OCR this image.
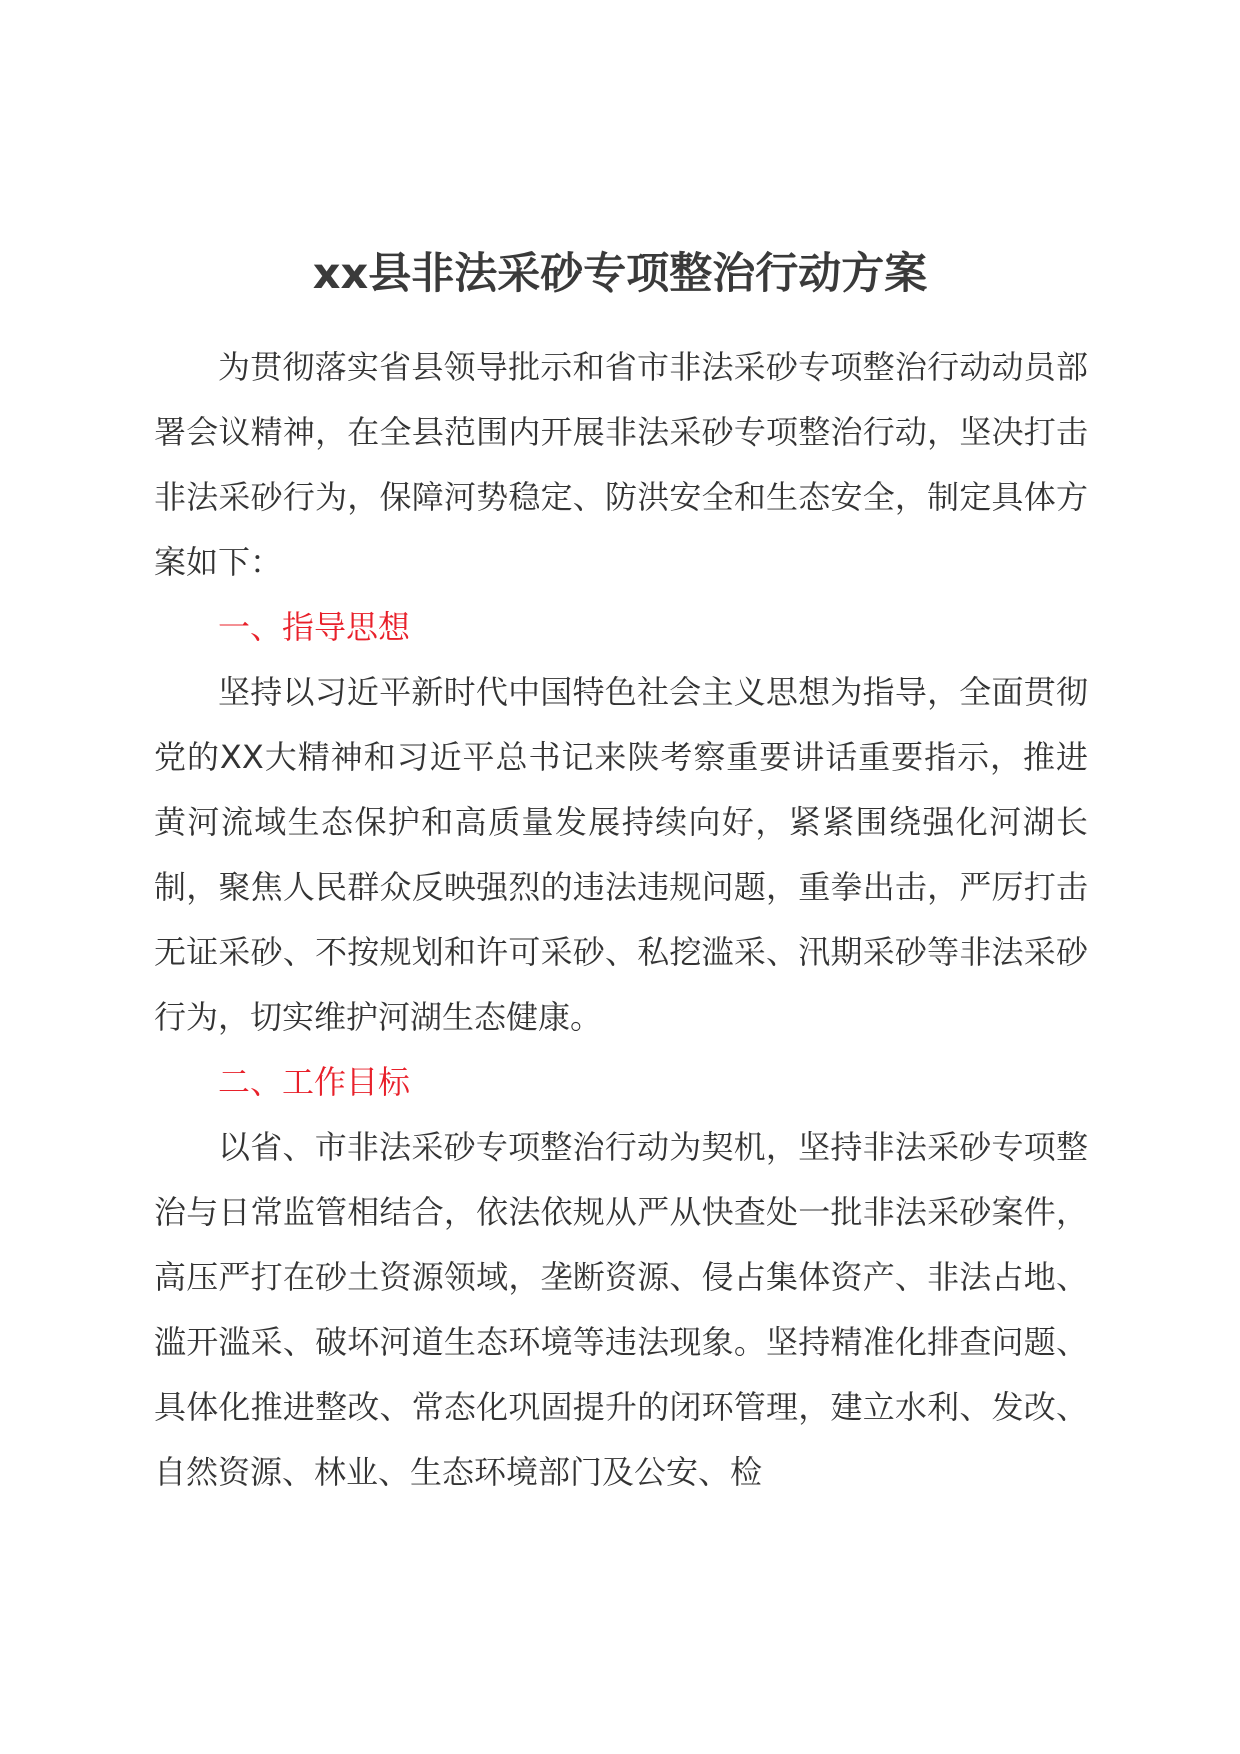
xx县非法采砂专项整治行动方案

为贯彻落实省县领导批示和省市非法采砂专项整治行动动员部署会议精神，在全县范围内开展非法采砂专项整治行动，坚决打击非法采砂行为，保障河势稳定、防洪安全和生态安全，制定具体方案如下：

一、指导思想

坚持以习近平新时代中国特色社会主义思想为指导，全面贯彻党的XX大精神和习近平总书记来陕考察重要讲话重要指示，推进黄河流域生态保护和高质量发展持续向好，紧紧围绕强化河湖长制，聚焦人民群众反映强烈的违法违规问题，重拳出击，严厉打击无证采砂、不按规划和许可采砂、私挖滥采、汛期采砂等非法采砂行为，切实维护河湖生态健康。

二、工作目标

以省、市非法采砂专项整治行动为契机，坚持非法采砂专项整治与日常监管相结合，依法依规从严从快查处一批非法采砂案件，高压严打在砂土资源领域，垄断资源、侵占集体资产、非法占地、滥开滥采、破坏河道生态环境等违法现象。坚持精准化排查问题、具体化推进整改、常态化巩固提升的闭环管理，建立水利、发改、自然资源、林业、生态环境部门及公安、检
